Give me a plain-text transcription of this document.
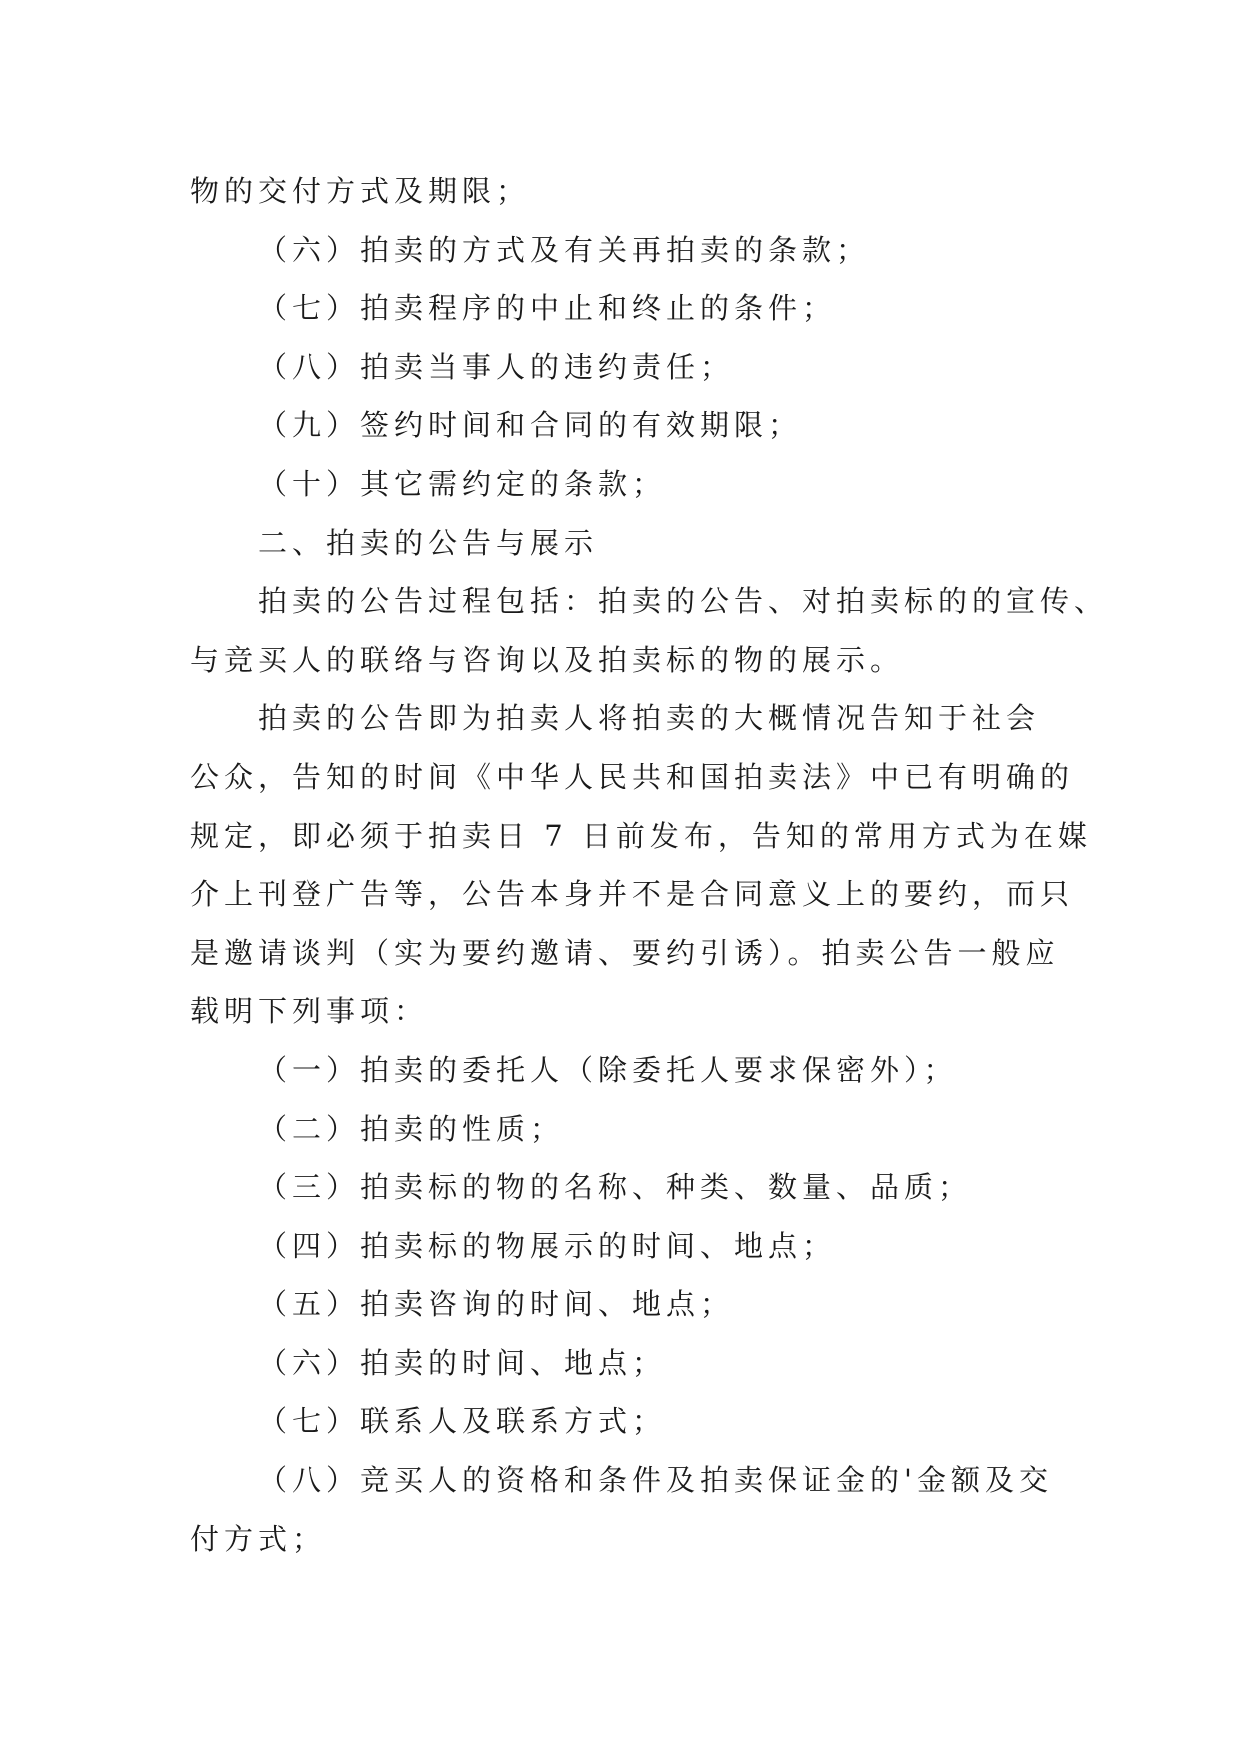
物的交付方式及期限；
（六）拍卖的方式及有关再拍卖的条款；
（七）拍卖程序的中止和终止的条件；
（八）拍卖当事人的违约责任；
（九）签约时间和合同的有效期限；
（十）其它需约定的条款；
二、拍卖的公告与展示
拍卖的公告过程包括：拍卖的公告、对拍卖标的的宣传、
与竞买人的联络与咨询以及拍卖标的物的展示。
拍卖的公告即为拍卖人将拍卖的大概情况告知于社会
公众，告知的时间《中华人民共和国拍卖法》中已有明确的
规定，即必须于拍卖日 7 日前发布，告知的常用方式为在媒
介上刊登广告等，公告本身并不是合同意义上的要约，而只
是邀请谈判（实为要约邀请、要约引诱）。拍卖公告一般应
载明下列事项：
（一）拍卖的委托人（除委托人要求保密外）；
（二）拍卖的性质；
（三）拍卖标的物的名称、种类、数量、品质；
（四）拍卖标的物展示的时间、地点；
（五）拍卖咨询的时间、地点；
（六）拍卖的时间、地点；
（七）联系人及联系方式；
（八）竞买人的资格和条件及拍卖保证金的'金额及交
付方式；
